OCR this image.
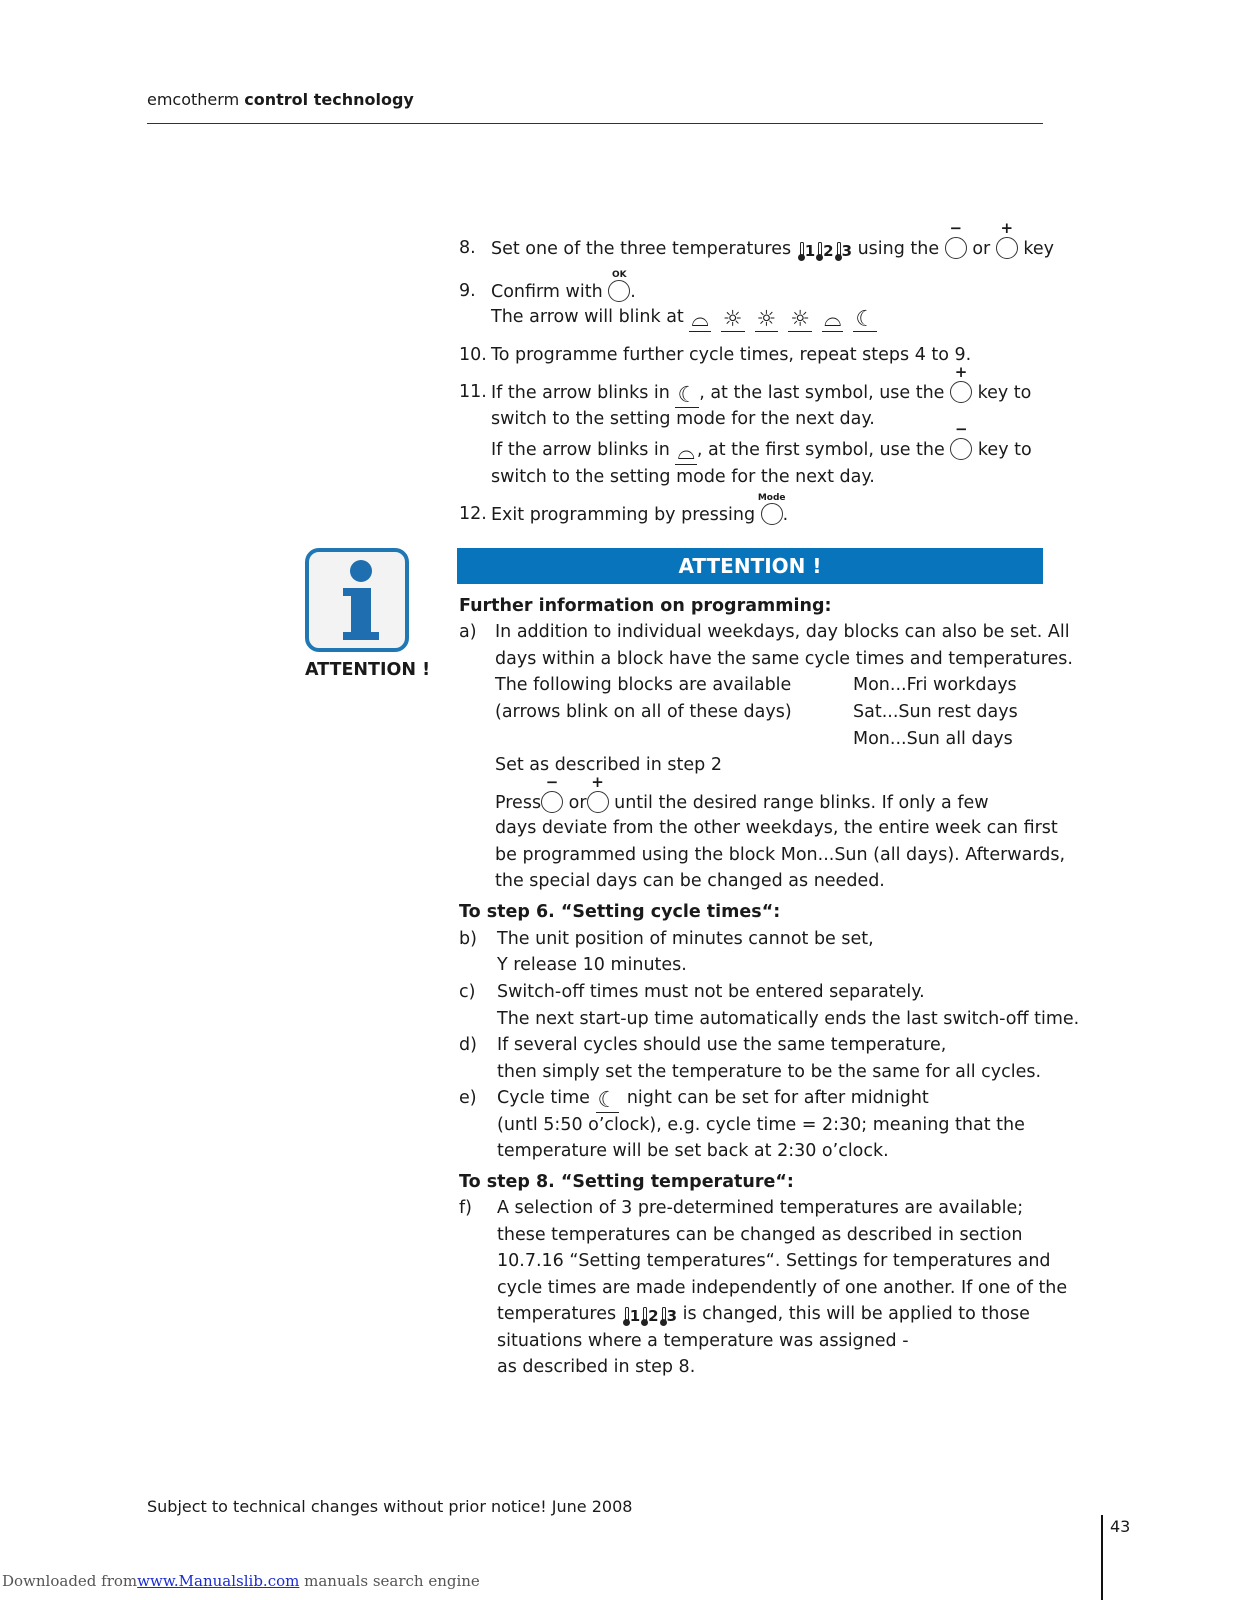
emcotherm control technology
8. Set one of the three temperatures 1 2 3 using the
−
or
+
key
9. Confirm with
OK
.
The arrow will blink at ⌓ ☼ ☼ ☼ ⌓ ☾
10. To programme further cycle times, repeat steps 4 to 9.
11. If the arrow blinks in ☾ , at the last symbol, use the
+
key to
switch to the setting mode for the next day.
If the arrow blinks in ⌓ , at the first symbol, use the
−
key to
switch to the setting mode for the next day.
12. Exit programming by pressing
Mode
.
ATTENTION !
ATTENTION !
Further information on programming:
a) In addition to individual weekdays, day blocks can also be set. All
days within a block have the same cycle times and temperatures.
The following blocks are available
(arrows blink on all of these days)
Mon...Fri workdays
Sat...Sun rest days
Mon...Sun all days
Set as described in step 2
Press
−
or
+
until the desired range blinks. If only a few
days deviate from the other weekdays, the entire week can first
be programmed using the block Mon...Sun (all days). Afterwards,
the special days can be changed as needed.
To step 6. “Setting cycle times“:
b) The unit position of minutes cannot be set,
Y release 10 minutes.
c) Switch-off times must not be entered separately.
The next start-up time automatically ends the last switch-off time.
d) If several cycles should use the same temperature,
then simply set the temperature to be the same for all cycles.
e) Cycle time ☾ night can be set for after midnight
(untl 5:50 o’clock), e.g. cycle time = 2:30; meaning that the
temperature will be set back at 2:30 o’clock.
To step 8. “Setting temperature“:
f) A selection of 3 pre-determined temperatures are available;
these temperatures can be changed as described in section
10.7.16 “Setting temperatures“. Settings for temperatures and
cycle times are made independently of one another. If one of the
temperatures 1 2 3 is changed, this will be applied to those
situations where a temperature was assigned -
as described in step 8.
Subject to technical changes without prior notice! June 2008
43
Downloaded fromwww.Manualslib.com manuals search engine
